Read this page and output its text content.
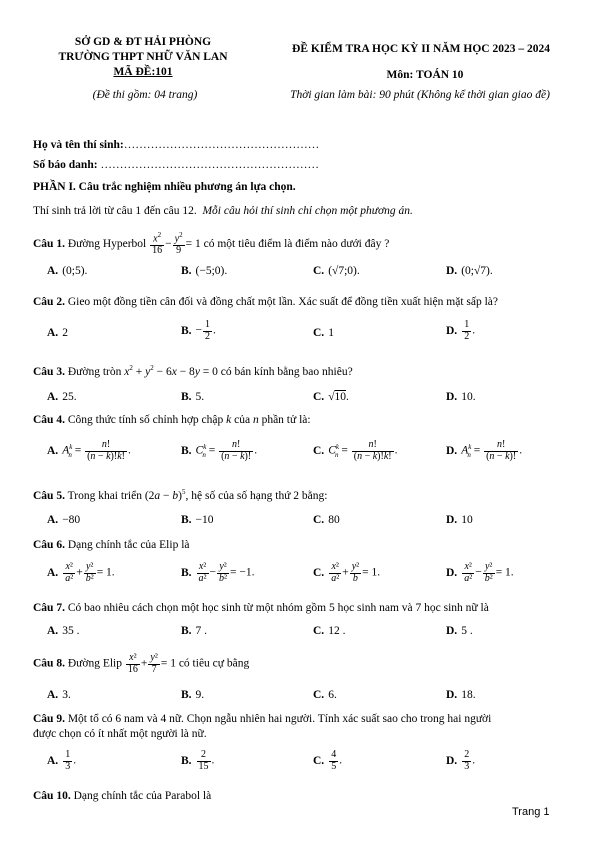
SỞ GD & ĐT HẢI PHÒNG
TRƯỜNG THPT NHỮ VĂN LAN
MÃ ĐỀ:101
(Đề thi gồm: 04 trang)
ĐỀ KIỂM TRA HỌC KỲ II NĂM HỌC 2023 – 2024
Môn: TOÁN 10
Thời gian làm bài: 90 phút (Không kể thời gian giao đề)
Họ và tên thí sinh:……………………………………………
Số báo danh: …………………………………………………
PHẦN I. Câu trắc nghiệm nhiều phương án lựa chọn.
Thí sinh trả lời từ câu 1 đến câu 12. Mỗi câu hỏi thí sinh chỉ chọn một phương án.
Câu 1. Đường Hyperbol $\frac{x^2}{16} - \frac{y^2}{9} = 1$ có một tiêu điểm là điểm nào dưới đây ?
A. (0;5).	B. (−5;0).	C. (√7;0).	D. (0;√7).
Câu 2. Gieo một đồng tiền cân đối và đồng chất một lần. Xác suất để đồng tiền xuất hiện mặt sấp là?
A. 2	B. − $\frac{1}{2}$ .	C. 1	D. $\frac{1}{2}$ .
Câu 3. Đường tròn $x^2 + y^2 - 6x - 8y = 0$ có bán kính bằng bao nhiêu?
A. 25.	B. 5.	C. √10.	D. 10.
Câu 4. Công thức tính số chỉnh hợp chập k của n phần tử là:
A. $A^k_n = \frac{n!}{(n - k)!k!}$ .	B. $C^k_n = \frac{n!}{(n - k)!}$ .	C. $C^k_n = \frac{n!}{(n - k)!k!}$ .	D. $A^k_n = \frac{n!}{(n - k)!}$ .
Câu 5. Trong khai triển $(2a - b)^5$, hệ số của số hạng thứ 2 bằng:
A. −80	B. −10	C. 80	D. 10
Câu 6. Dạng chính tắc của Elip là
A. $\frac{\text{x²}}{\text{a²}} + \frac{\text{y²}}{\text{b²}} = 1$.	B. $\frac{\text{x²}}{\text{a²}} - \frac{\text{y²}}{\text{b²}} = -1$.	C. $\frac{\text{x²}}{\text{a²}} + \frac{\text{y²}}{b} = 1$.	D. $\frac{\text{x²}}{\text{a²}} - \frac{\text{y²}}{\text{b²}} = 1$.
Câu 7. Có bao nhiêu cách chọn một học sinh từ một nhóm gồm 5 học sinh nam và 7 học sinh nữ là
A. 35 .	B. 7 .	C. 12 .	D. 5 .
Câu 8. Đường Elip $\frac{\text{x²}}{16} + \frac{\text{y²}}{7} = 1$ có tiêu cự bằng
A. 3.	B. 9.	C. 6.	D. 18.
Câu 9. Một tổ có 6 nam và 4 nữ. Chọn ngẫu nhiên hai người. Tính xác suất sao cho trong hai người
được chọn có ít nhất một người là nữ.
A. $\frac{1}{3}$ .	B. $\frac{2}{15}$ .	C. $\frac{4}{5}$ .	D. $\frac{2}{3}$ .
Câu 10. Dạng chính tắc của Parabol là
Trang 1
